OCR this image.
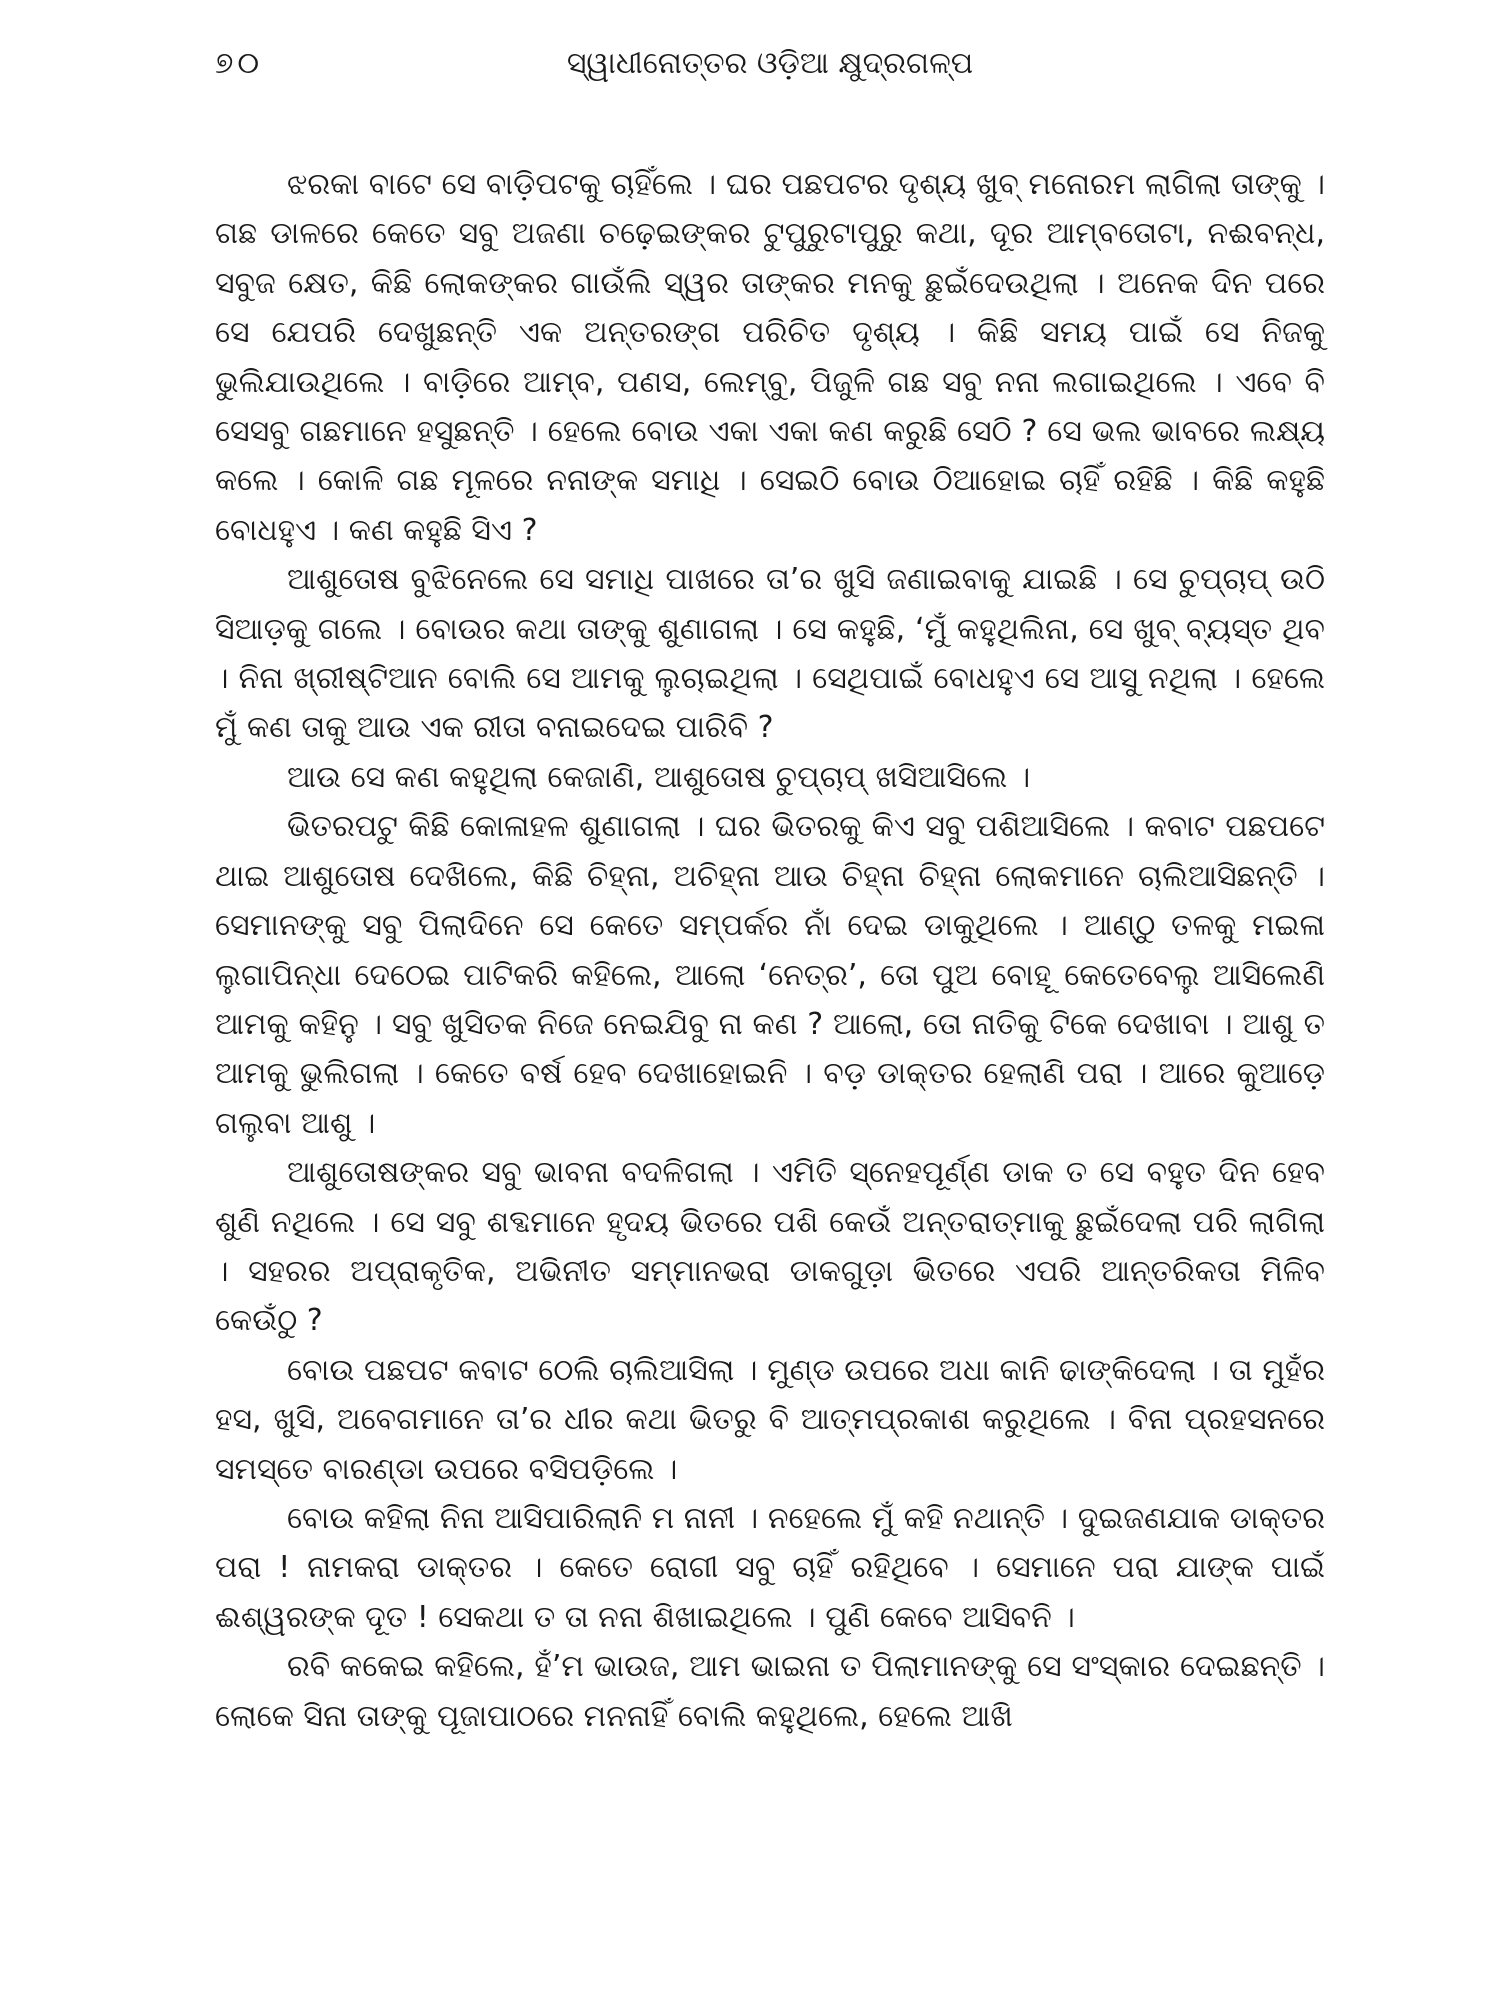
୭୦	ସ୍ୱାଧୀନୋତ୍ତର ଓଡ଼ିଆ କ୍ଷୁଦ୍ରଗଳ୍ପ

ଝରକା ବାଟେ ସେ ବାଡ଼ିପଟକୁ ଚାହିଁଲେ । ଘର ପଛପଟର ଦୃଶ୍ୟ ଖୁବ୍ ମନୋରମ ଲାଗିଲା ତାଙ୍କୁ । ଗଛ ଡାଳରେ କେତେ ସବୁ ଅଜଣା ଚଢ଼େଇଙ୍କର ଟୁପୁରୁଟାପୁରୁ କଥା, ଦୂର ଆମ୍ବତୋଟା, ନଈବନ୍ଧ, ସବୁଜ କ୍ଷେତ, କିଛି ଲୋକଙ୍କର ଗାଉଁଲି ସ୍ୱର ତାଙ୍କର ମନକୁ ଛୁଇଁଦେଉଥିଲା । ଅନେକ ଦିନ ପରେ ସେ ଯେପରି ଦେଖୁଛନ୍ତି ଏକ ଅନ୍ତରଙ୍ଗ ପରିଚିତ ଦୃଶ୍ୟ । କିଛି ସମୟ ପାଇଁ ସେ ନିଜକୁ ଭୁଲିଯାଉଥିଲେ । ବାଡ଼ିରେ ଆମ୍ବ, ପଣସ, ଲେମ୍ବୁ, ପିଜୁଳି ଗଛ ସବୁ ନନା ଲଗାଇଥିଲେ । ଏବେ ବି ସେସବୁ ଗଛମାନେ ହସୁଛନ୍ତି । ହେଲେ ବୋଉ ଏକା ଏକା କଣ କରୁଛି ସେଠି ? ସେ ଭଲ ଭାବରେ ଲକ୍ଷ୍ୟ କଲେ । କୋଳି ଗଛ ମୂଳରେ ନନାଙ୍କ ସମାଧି । ସେଇଠି ବୋଉ ଠିଆହୋଇ ଚାହିଁ ରହିଛି । କିଛି କହୁଛି ବୋଧହୁଏ । କଣ କହୁଛି ସିଏ ?

ଆଶୁତୋଷ ବୁଝିନେଲେ ସେ ସମାଧି ପାଖରେ ତା’ର ଖୁସି ଜଣାଇବାକୁ ଯାଇଛି । ସେ ଚୁପ୍‌ଚାପ୍ ଉଠି ସିଆଡ଼କୁ ଗଲେ । ବୋଉର କଥା ତାଙ୍କୁ ଶୁଣାଗଲା । ସେ କହୁଛି, ‘ମୁଁ କହୁଥିଲିନା, ସେ ଖୁବ୍ ବ୍ୟସ୍ତ ଥିବ । ନିନା ଖ୍ରୀଷ୍ଟିଆନ ବୋଲି ସେ ଆମକୁ ଲୁଚାଇଥିଲା । ସେଥିପାଇଁ ବୋଧହୁଏ ସେ ଆସୁ ନଥିଲା । ହେଲେ ମୁଁ କଣ ତାକୁ ଆଉ ଏକ ରୀତା ବନାଇଦେଇ ପାରିବି ?

ଆଉ ସେ କଣ କହୁଥିଲା କେଜାଣି, ଆଶୁତୋଷ ଚୁପ୍‌ଚାପ୍ ଖସିଆସିଲେ ।

ଭିତରପଟୁ କିଛି କୋଳାହଳ ଶୁଣାଗଲା । ଘର ଭିତରକୁ କିଏ ସବୁ ପଶିଆସିଲେ । କବାଟ ପଛପଟେ ଥାଇ ଆଶୁତୋଷ ଦେଖିଲେ, କିଛି ଚିହ୍ନା, ଅଚିହ୍ନା ଆଉ ଚିହ୍ନା ଚିହ୍ନା ଲୋକମାନେ ଚାଲିଆସିଛନ୍ତି । ସେମାନଙ୍କୁ ସବୁ ପିଲାଦିନେ ସେ କେତେ ସମ୍ପର୍କର ନାଁ ଦେଇ ଡାକୁଥିଲେ । ଆଣ୍ଠୁ ତଳକୁ ମଇଳା ଲୁଗାପିନ୍ଧା ଦେଠେଇ ପାଟିକରି କହିଲେ, ଆଲୋ ‘ନେତ୍ର’, ତୋ ପୁଅ ବୋହୂ କେତେବେଲୁ ଆସିଲେଣି ଆମକୁ କହିନୁ । ସବୁ ଖୁସିତକ ନିଜେ ନେଇଯିବୁ ନା କଣ ? ଆଲୋ, ତୋ ନାତିକୁ ଟିକେ ଦେଖାବା । ଆଶୁ ତ ଆମକୁ ଭୁଲିଗଲା । କେତେ ବର୍ଷ ହେବ ଦେଖାହୋଇନି । ବଡ଼ ଡାକ୍ତର ହେଲାଣି ପରା । ଆରେ କୁଆଡ଼େ ଗଲୁବା ଆଶୁ ।

ଆଶୁତୋଷଙ୍କର ସବୁ ଭାବନା ବଦଳିଗଲା । ଏମିତି ସ୍ନେହପୂର୍ଣ୍ଣ ଡାକ ତ ସେ ବହୁତ ଦିନ ହେବ ଶୁଣି ନଥିଲେ । ସେ ସବୁ ଶବ୍ଦମାନେ ହୃଦୟ ଭିତରେ ପଶି କେଉଁ ଅନ୍ତରାତ୍ମାକୁ ଛୁଇଁଦେଲା ପରି ଲାଗିଲା । ସହରର ଅପ୍ରାକୃତିକ, ଅଭିନୀତ ସମ୍ମାନଭରା ଡାକଗୁଡ଼ା ଭିତରେ ଏପରି ଆନ୍ତରିକତା ମିଳିବ କେଉଁଠୁ ?

ବୋଉ ପଛପଟ କବାଟ ଠେଲି ଚାଲିଆସିଲା । ମୁଣ୍ଡ ଉପରେ ଅଧା କାନି ଢାଙ୍କିଦେଲା । ତା ମୁହଁର ହସ, ଖୁସି, ଅବେଗମାନେ ତା’ର ଧୀର କଥା ଭିତରୁ ବି ଆତ୍ମପ୍ରକାଶ କରୁଥିଲେ । ବିନା ପ୍ରହସନରେ ସମସ୍ତେ ବାରଣ୍ଡା ଉପରେ ବସିପଡ଼ିଲେ ।

ବୋଉ କହିଲା ନିନା ଆସିପାରିଲାନି ମ ନାନୀ । ନହେଲେ ମୁଁ କହି ନଥାନ୍ତି । ଦୁଇଜଣଯାକ ଡାକ୍ତର ପରା ! ନାମକରା ଡାକ୍ତର । କେତେ ରୋଗୀ ସବୁ ଚାହିଁ ରହିଥିବେ । ସେମାନେ ପରା ଯାଙ୍କ ପାଇଁ ଈଶ୍ୱରଙ୍କ ଦୂତ ! ସେକଥା ତ ତା ନନା ଶିଖାଇଥିଲେ । ପୁଣି କେବେ ଆସିବନି ।

ରବି କକେଇ କହିଲେ, ହଁ’ମ ଭାଉଜ, ଆମ ଭାଇନା ତ ପିଲାମାନଙ୍କୁ ସେ ସଂସ୍କାର ଦେଇଛନ୍ତି । ଲୋକେ ସିନା ତାଙ୍କୁ ପୂଜାପାଠରେ ମନନାହିଁ ବୋଲି କହୁଥିଲେ, ହେଲେ ଆଖି
